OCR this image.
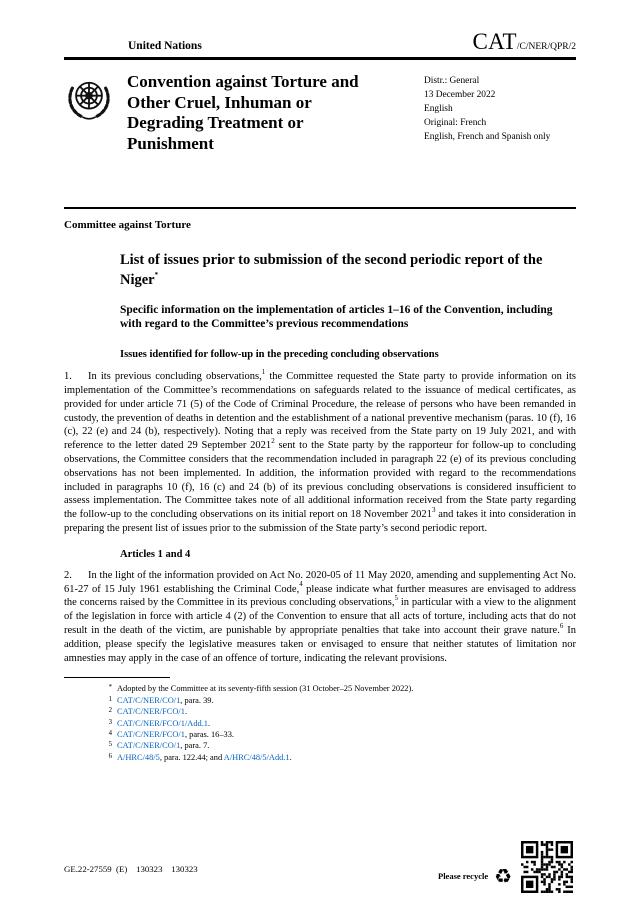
United Nations	CAT/C/NER/QPR/2
Convention against Torture and Other Cruel, Inhuman or Degrading Treatment or Punishment
Distr.: General
13 December 2022
English
Original: French
English, French and Spanish only
Committee against Torture
List of issues prior to submission of the second periodic report of the Niger*
Specific information on the implementation of articles 1–16 of the Convention, including with regard to the Committee’s previous recommendations
Issues identified for follow-up in the preceding concluding observations

1. In its previous concluding observations,$^1$ the Committee requested the State party to provide information on its implementation of the Committee’s recommendations on safeguards related to the issuance of medical certificates, as provided for under article 71 (5) of the Code of Criminal Procedure, the release of persons who have been remanded in custody, the prevention of deaths in detention and the establishment of a national preventive mechanism (paras. 10 (f), 16 (c), 22 (e) and 24 (b), respectively). Noting that a reply was received from the State party on 19 July 2021, and with reference to the letter dated 29 September 2021$^2$ sent to the State party by the rapporteur for follow-up to concluding observations, the Committee considers that the recommendation included in paragraph 22 (e) of its previous concluding observations has not been implemented. In addition, the information provided with regard to the recommendations included in paragraphs 10 (f), 16 (c) and 24 (b) of its previous concluding observations is considered insufficient to assess implementation. The Committee takes note of all additional information received from the State party regarding the follow-up to the concluding observations on its initial report on 18 November 2021$^3$ and takes it into consideration in preparing the present list of issues prior to the submission of the State party’s second periodic report.

Articles 1 and 4

2. In the light of the information provided on Act No. 2020-05 of 11 May 2020, amending and supplementing Act No. 61-27 of 15 July 1961 establishing the Criminal Code,$^4$ please indicate what further measures are envisaged to address the concerns raised by the Committee in its previous concluding observations,$^5$ in particular with a view to the alignment of the legislation in force with article 4 (2) of the Convention to ensure that all acts of torture, including acts that do not result in the death of the victim, are punishable by appropriate penalties that take into account their grave nature.$^6$ In addition, please specify the legislative measures taken or envisaged to ensure that neither statutes of limitation nor amnesties may apply in the case of an offence of torture, indicating the relevant provisions.

* Adopted by the Committee at its seventy-fifth session (31 October–25 November 2022).
1 CAT/C/NER/CO/1, para. 39.
2 CAT/C/NER/FCO/1.
3 CAT/C/NER/FCO/1/Add.1.
4 CAT/C/NER/FCO/1, paras. 16–33.
5 CAT/C/NER/CO/1, para. 7.
6 A/HRC/48/5, para. 122.44; and A/HRC/48/5/Add.1.
GE.22-27559  (E)    130323    130323
Please recycle ♻
